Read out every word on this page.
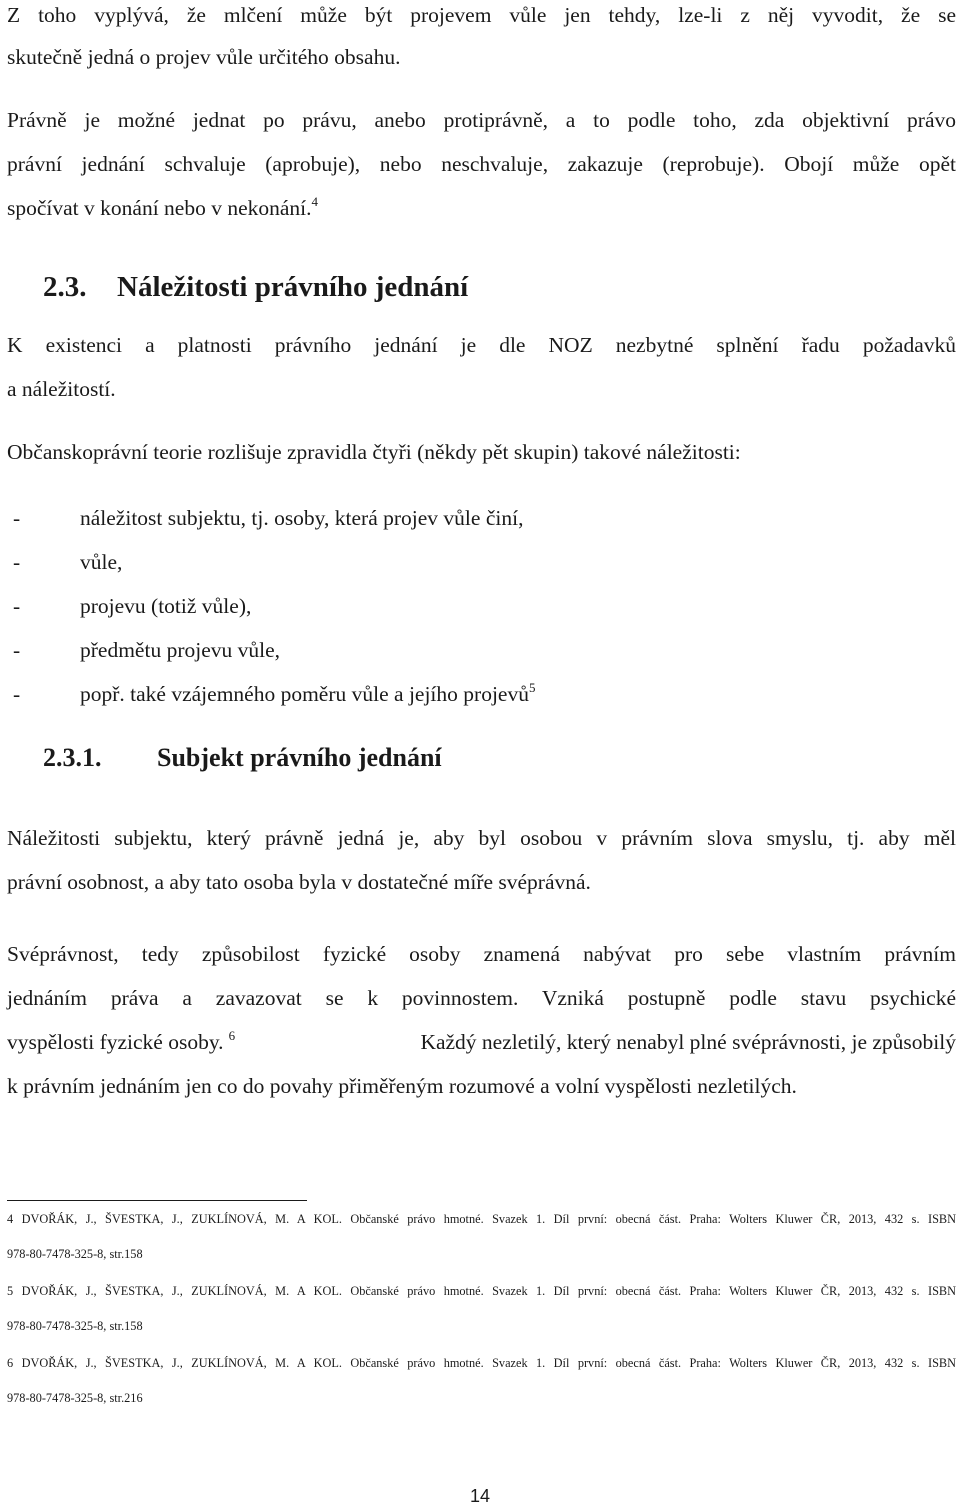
Z toho vyplývá, že mlčení může být projevem vůle jen tehdy, lze-li z něj vyvodit, že se
skutečně jedná o projev vůle určitého obsahu.
Právně je možné jednat po právu, anebo protiprávně, a to podle toho, zda objektivní právo
právní jednání schvaluje (aprobuje), nebo neschvaluje, zakazuje (reprobuje). Obojí může opět
spočívat v konání nebo v nekonání.$^4$
2.3. Náležitosti právního jednání
K existenci a platnosti právního jednání je dle NOZ nezbytné splnění řadu požadavků
a náležitostí.
Občanskoprávní teorie rozlišuje zpravidla čtyři (někdy pět skupin) takové náležitosti:
-	náležitost subjektu, tj. osoby, která projev vůle činí,
-	vůle,
-	projevu (totiž vůle),
-	předmětu projevu vůle,
-	popř. také vzájemného poměru vůle a jejího projevů$^5$
2.3.1. Subjekt právního jednání
Náležitosti subjektu, který právně jedná je, aby byl osobou v právním slova smyslu, tj. aby měl
právní osobnost, a aby tato osoba byla v dostatečné míře svéprávná.
Svéprávnost, tedy způsobilost fyzické osoby znamená nabývat pro sebe vlastním právním
jednáním práva a zavazovat se k povinnostem. Vzniká postupně podle stavu psychické
vyspělosti fyzické osoby. $^6$	Každý nezletilý, který nenabyl plné svéprávnosti, je způsobilý
k právním jednáním jen co do povahy přiměřeným rozumové a volní vyspělosti nezletilých.
4 DVOŘÁK, J., ŠVESTKA, J., ZUKLÍNOVÁ, M. A KOL. Občanské právo hmotné. Svazek 1. Díl první: obecná část. Praha: Wolters Kluwer ČR, 2013, 432 s. ISBN
978-80-7478-325-8, str.158
5 DVOŘÁK, J., ŠVESTKA, J., ZUKLÍNOVÁ, M. A KOL. Občanské právo hmotné. Svazek 1. Díl první: obecná část. Praha: Wolters Kluwer ČR, 2013, 432 s. ISBN
978-80-7478-325-8, str.158
6 DVOŘÁK, J., ŠVESTKA, J., ZUKLÍNOVÁ, M. A KOL. Občanské právo hmotné. Svazek 1. Díl první: obecná část. Praha: Wolters Kluwer ČR, 2013, 432 s. ISBN
978-80-7478-325-8, str.216
14
